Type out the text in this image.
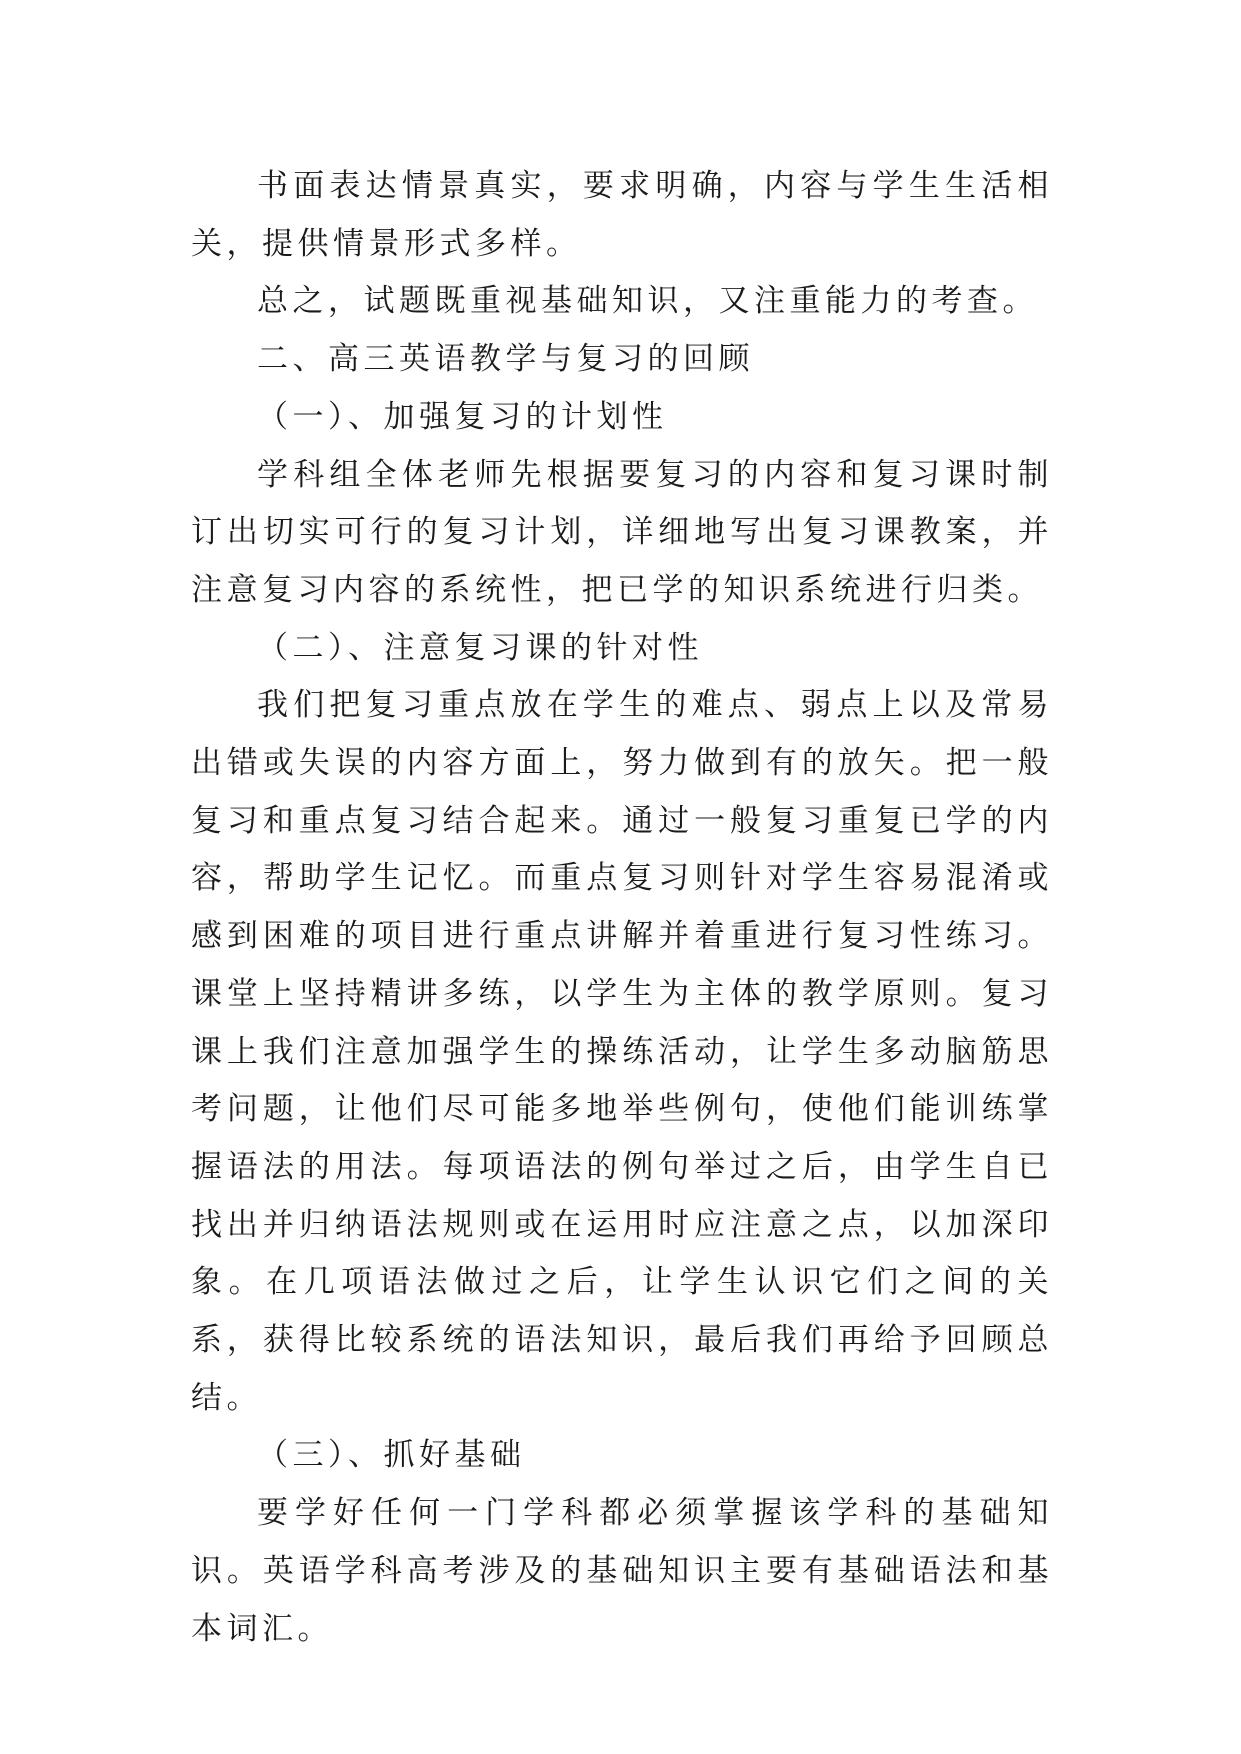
书面表达情景真实，要求明确，内容与学生生活相关，提供情景形式多样。

总之，试题既重视基础知识，又注重能力的考查。

二、高三英语教学与复习的回顾

（一）、加强复习的计划性

学科组全体老师先根据要复习的内容和复习课时制订出切实可行的复习计划，详细地写出复习课教案，并注意复习内容的系统性，把已学的知识系统进行归类。

（二）、注意复习课的针对性

我们把复习重点放在学生的难点、弱点上以及常易出错或失误的内容方面上，努力做到有的放矢。把一般复习和重点复习结合起来。通过一般复习重复已学的内容，帮助学生记忆。而重点复习则针对学生容易混淆或感到困难的项目进行重点讲解并着重进行复习性练习。课堂上坚持精讲多练，以学生为主体的教学原则。复习课上我们注意加强学生的操练活动，让学生多动脑筋思考问题，让他们尽可能多地举些例句，使他们能训练掌握语法的用法。每项语法的例句举过之后，由学生自已找出并归纳语法规则或在运用时应注意之点，以加深印象。在几项语法做过之后，让学生认识它们之间的关系，获得比较系统的语法知识，最后我们再给予回顾总结。

（三）、抓好基础

要学好任何一门学科都必须掌握该学科的基础知识。英语学科高考涉及的基础知识主要有基础语法和基本词汇。
